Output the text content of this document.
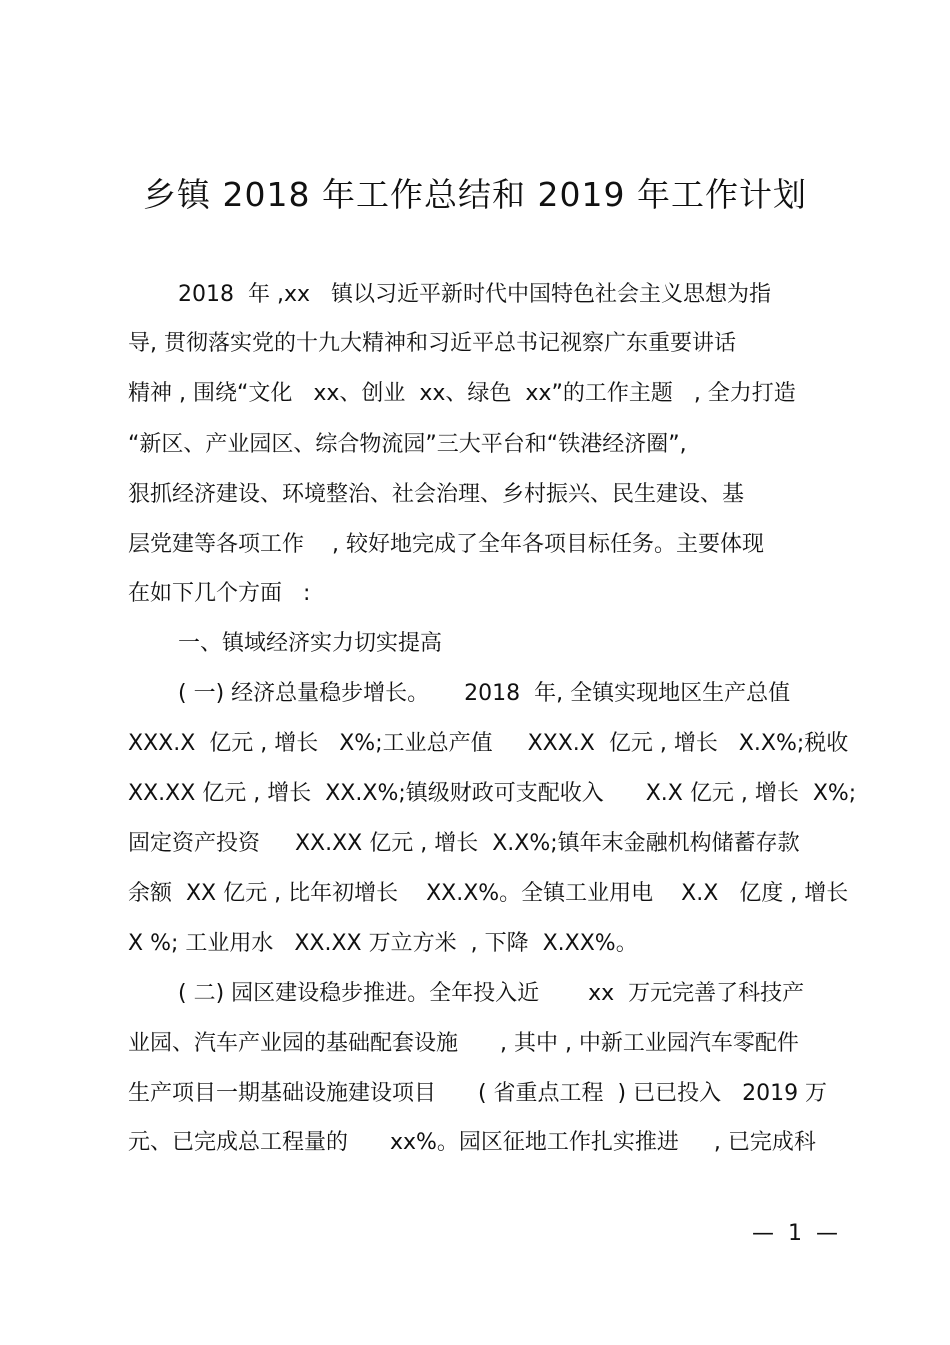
乡镇 2018 年工作总结和 2019 年工作计划
2018  年 ,xx   镇以习近平新时代中国特色社会主义思想为指
导, 贯彻落实党的十九大精神和习近平总书记视察广东重要讲话
精神 , 围绕“文化   xx、创业  xx、绿色  xx”的工作主题   , 全力打造
“新区、产业园区、综合物流园”三大平台和“铁港经济圈”,
狠抓经济建设、环境整治、社会治理、乡村振兴、民生建设、基
层党建等各项工作    , 较好地完成了全年各项目标任务。主要体现
在如下几个方面   :
一、镇域经济实力切实提高
( 一) 经济总量稳步增长。     2018  年, 全镇实现地区生产总值
XXX.X  亿元 , 增长   X%;工业总产值     XXX.X  亿元 , 增长   X.X%;税收
XX.XX 亿元 , 增长  XX.X%;镇级财政可支配收入      X.X 亿元 , 增长  X%;
固定资产投资     XX.XX 亿元 , 增长  X.X%;镇年末金融机构储蓄存款
余额  XX 亿元 , 比年初增长    XX.X%。全镇工业用电    X.X   亿度 , 增长
X %; 工业用水   XX.XX 万立方米  , 下降  X.XX%。
( 二) 园区建设稳步推进。全年投入近       xx  万元完善了科技产
业园、汽车产业园的基础配套设施      , 其中 , 中新工业园汽车零配件
生产项目一期基础设施建设项目      ( 省重点工程  ) 已已投入   2019 万
元、已完成总工程量的      xx%。园区征地工作扎实推进     , 已完成科
—  1  —
